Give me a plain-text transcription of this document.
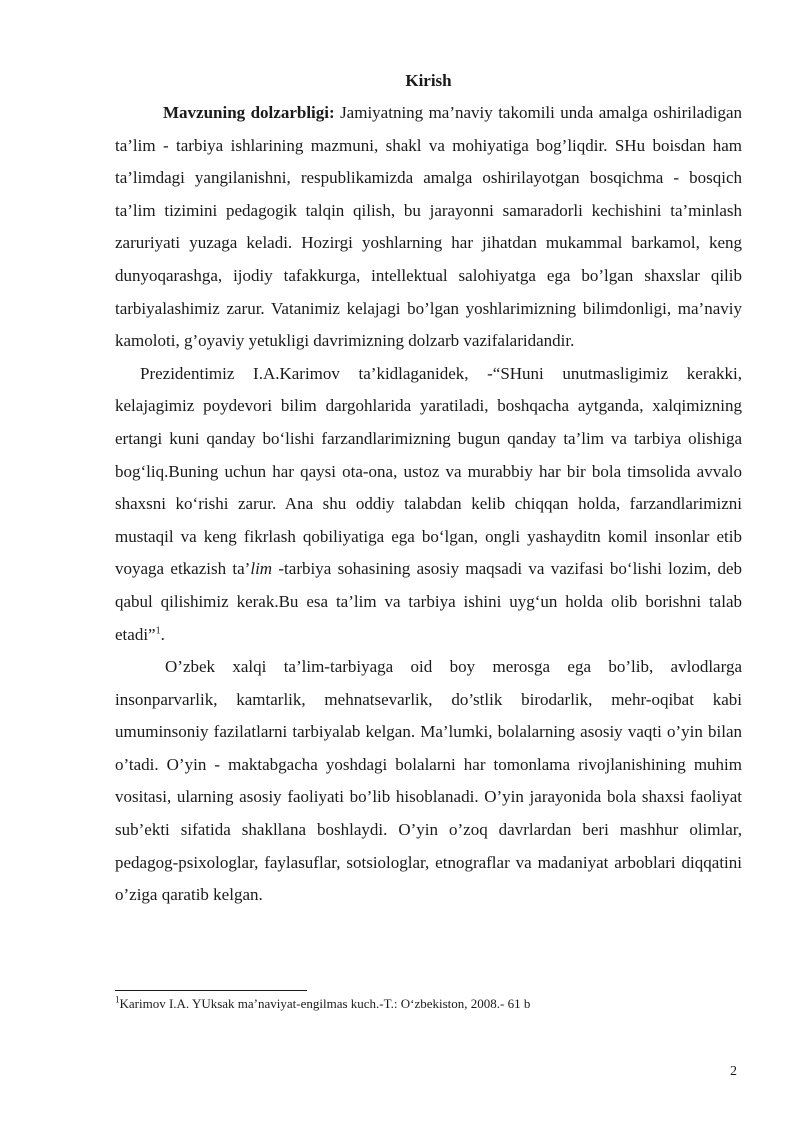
Kirish

Mavzuning dolzarbligi: Jamiyatning ma’naviy takomili unda amalga oshiriladigan ta’lim - tarbiya ishlarining mazmuni, shakl va mohiyatiga bog’liqdir. SHu boisdan ham ta’limdagi yangilanishni, respublikamizda amalga oshirilayotgan bosqichma - bosqich ta’lim tizimini pedagogik talqin qilish, bu jarayonni samaradorli kechishini ta’minlash zaruriyati yuzaga keladi. Hozirgi yoshlarning har jihatdan mukammal barkamol, keng dunyoqarashga, ijodiy tafakkurga, intellektual salohiyatga ega bo’lgan shaxslar qilib tarbiyalashimiz zarur. Vatanimiz kelajagi bo’lgan yoshlarimizning bilimdonligi, ma’naviy kamoloti, g’oyaviy yetukligi davrimizning dolzarb vazifalaridandir.

Prezidentimiz I.A.Karimov ta’kidlaganidek, -“SHuni unutmasligimiz kerakki, kelajagimiz poydevori bilim dargohlarida yaratiladi, boshqacha aytganda, xalqimizning ertangi kuni qanday bo‘lishi farzandlarimizning bugun qanday ta’lim va tarbiya olishiga bog‘liq.Buning uchun har qaysi ota-ona, ustoz va murabbiy har bir bola timsolida avvalo shaxsni ko‘rishi zarur. Ana shu oddiy talabdan kelib chiqqan holda, farzandlarimizni mustaqil va keng fikrlash qobiliyatiga ega bo‘lgan, ongli yashayditn komil insonlar etib voyaga etkazish ta’lim -tarbiya sohasining asosiy maqsadi va vazifasi bo‘lishi lozim, deb qabul qilishimiz kerak.Bu esa ta’lim va tarbiya ishini uyg‘un holda olib borishni talab etadi”$^1$.

O’zbek xalqi ta’lim-tarbiyaga oid boy merosga ega bo’lib, avlodlarga insonparvarlik, kamtarlik, mehnatsevarlik, do’stlik birodarlik, mehr-oqibat kabi umuminsoniy fazilatlarni tarbiyalab kelgan. Ma’lumki, bolalarning asosiy vaqti o’yin bilan o’tadi. O’yin - maktabgacha yoshdagi bolalarni har tomonlama rivojlanishining muhim vositasi, ularning asosiy faoliyati bo’lib hisoblanadi. O’yin jarayonida bola shaxsi faoliyat sub’ekti sifatida shakllana boshlaydi. O’yin o’zoq davrlardan beri mashhur olimlar, pedagog-psixologlar, faylasuflar, sotsiologlar, etnograflar va madaniyat arboblari diqqatini o’ziga qaratib kelgan.

$^1$Karimov I.A. YUksak ma’naviyat-engilmas kuch.-T.: O‘zbekiston, 2008.- 61 b
2
